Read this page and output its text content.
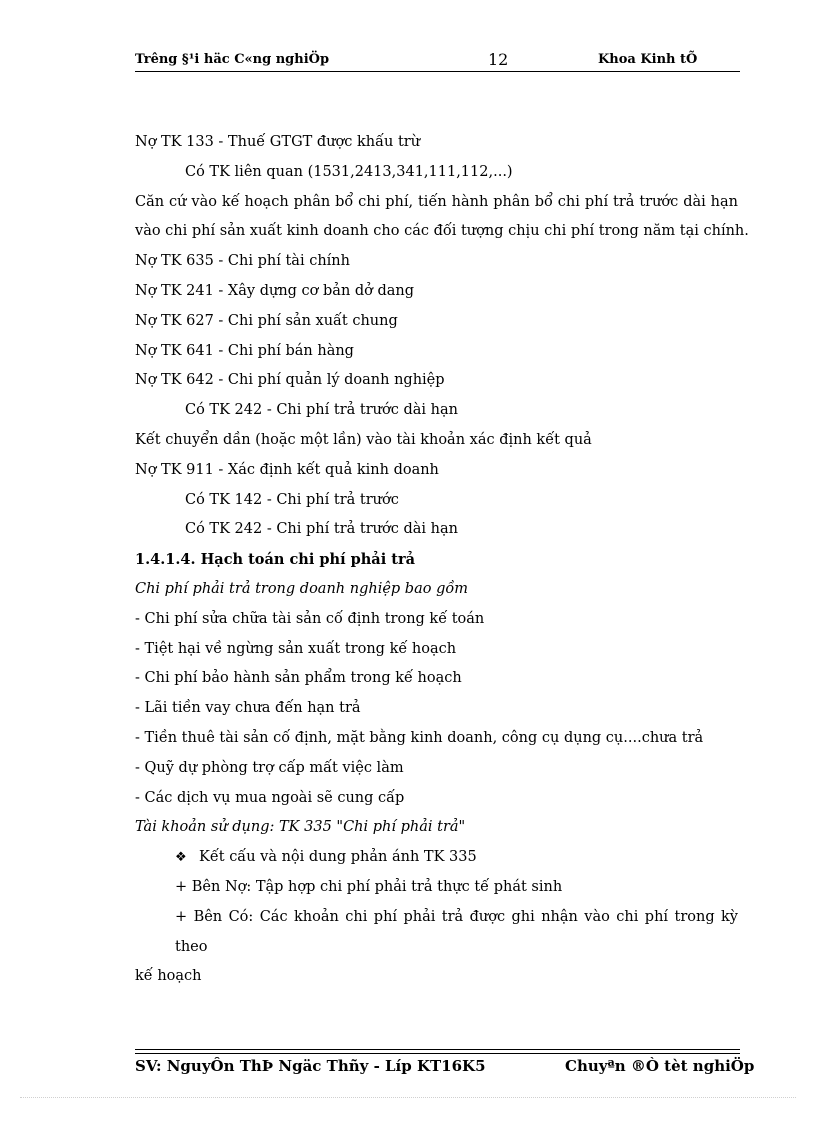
Trêng §¹i häc C«ng nghiÖp	12	Khoa Kinh tÕ
Nợ TK 133 - Thuế GTGT được khấu trừ
Có TK liên quan (1531,2413,341,111,112,...)
Căn cứ vào kế hoạch phân bổ chi phí, tiến hành phân bổ chi phí trả trước dài hạn
vào chi phí sản xuất kinh doanh cho các đối tượng chịu chi phí trong năm tại chính.
Nợ TK 635 - Chi phí tài chính
Nợ TK 241 - Xây dựng cơ bản dở dang
Nợ TK 627 - Chi phí sản xuất chung
Nợ TK 641 - Chi phí bán hàng
Nợ TK 642 - Chi phí quản lý doanh nghiệp
Có TK 242 - Chi phí trả trước dài hạn
Kết chuyển dần (hoặc một lần) vào tài khoản xác định kết quả
Nợ TK 911 - Xác định kết quả kinh doanh
Có TK 142 - Chi phí trả trước
Có TK 242 - Chi phí trả trước dài hạn
1.4.1.4. Hạch toán chi phí phải trả
Chi phí phải trả trong doanh nghiệp bao gồm
- Chi phí sửa chữa tài sản cố định trong kế toán
- Tiệt hại về ngừng sản xuất trong kế hoạch
- Chi phí bảo hành sản phẩm trong kế hoạch
- Lãi tiền vay chưa đến hạn trả
- Tiền thuê tài sản cố định, mặt bằng kinh doanh, công cụ dụng cụ....chưa trả
- Quỹ dự phòng trợ cấp mất việc làm
- Các dịch vụ mua ngoài sẽ cung cấp
Tài khoản sử dụng: TK 335 "Chi phí phải trả"
❖ Kết cấu và nội dung phản ánh TK 335
+ Bên Nợ: Tập hợp chi phí phải trả thực tế phát sinh
+ Bên Có: Các khoản chi phí phải trả được ghi nhận vào chi phí trong kỳ theo
kế hoạch
SV: NguyÔn ThÞ Ngäc Thñy - Líp KT16K5	Chuyªn ®Ò tèt nghiÖp
